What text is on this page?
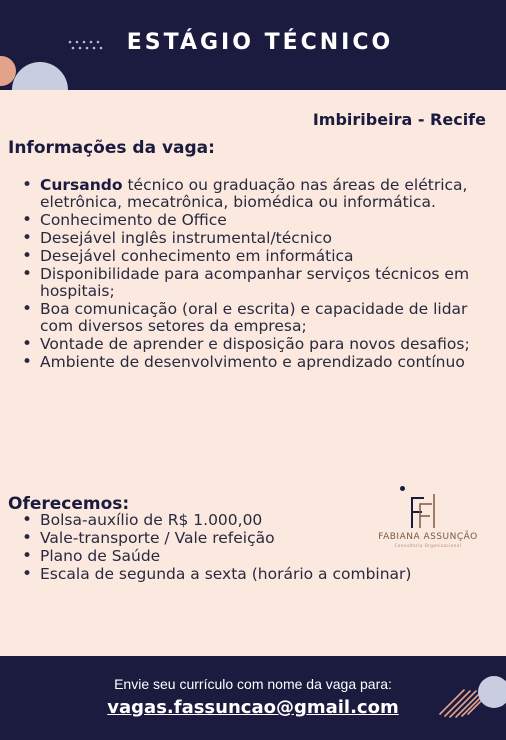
ESTÁGIO TÉCNICO
Imbiribeira - Recife
Informações da vaga:
• Cursando técnico ou graduação nas áreas de elétrica, eletrônica, mecatrônica, biomédica ou informática.
• Conhecimento de Office
• Desejável inglês instrumental/técnico
• Desejável conhecimento em informática
• Disponibilidade para acompanhar serviços técnicos em hospitais;
• Boa comunicação (oral e escrita) e capacidade de lidar com diversos setores da empresa;
• Vontade de aprender e disposição para novos desafios;
• Ambiente de desenvolvimento e aprendizado contínuo
Oferecemos:
• Bolsa-auxílio de R$ 1.000,00
• Vale-transporte / Vale refeição
• Plano de Saúde
• Escala de segunda a sexta (horário a combinar)
FABIANA ASSUNÇÃO
Consultoria Organizacional
Envie seu currículo com nome da vaga para:
vagas.fassuncao@gmail.com
